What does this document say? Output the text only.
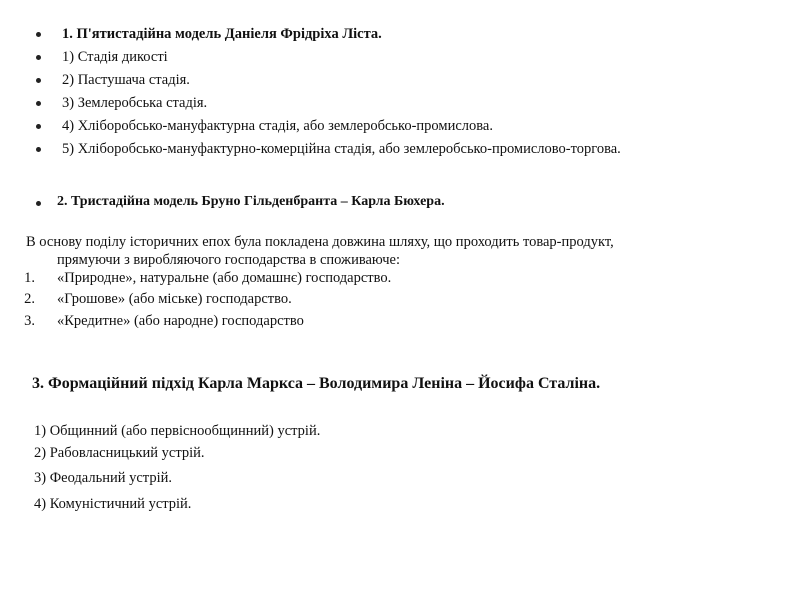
1. П'ятистадійна модель Даніеля Фрідріха Ліста.
1) Стадія дикості
2) Пастушача стадія.
3) Землеробська стадія.
4) Хліборобсько-мануфактурна стадія, або землеробсько-промислова.
5) Хліборобсько-мануфактурно-комерційна стадія, або землеробсько-промислово-торгова.
2. Тристадійна модель Бруно Гільденбранта – Карла Бюхера.
В основу поділу історичних епох була покладена довжина шляху, що проходить товар-продукт,
прямуючи з виробляючого господарства в споживаюче:
1. «Природне», натуральне (або домашнє) господарство.
2. «Грошове» (або міське) господарство.
3. «Кредитне» (або народне) господарство
3. Формаційний підхід Карла Маркса – Володимира Леніна – Йосифа Сталіна.
1) Общинний (або первіснообщинний) устрій.
2) Рабовласницький устрій.
3) Феодальний устрій.
4) Комуністичний устрій.
